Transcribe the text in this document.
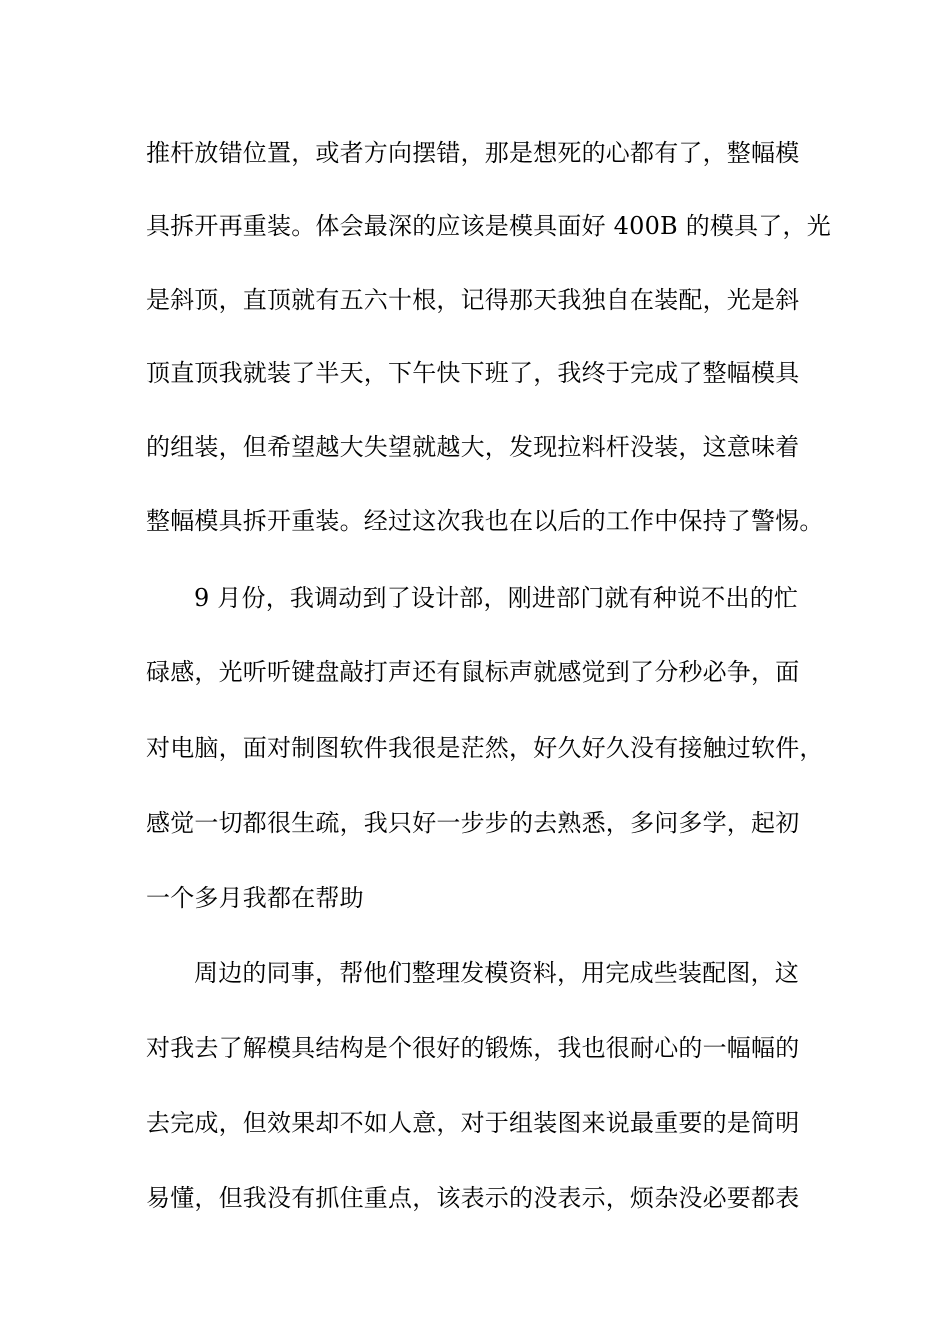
推杆放错位置，或者方向摆错，那是想死的心都有了，整幅模
具拆开再重装。体会最深的应该是模具面好 400B 的模具了，光
是斜顶，直顶就有五六十根，记得那天我独自在装配，光是斜
顶直顶我就装了半天，下午快下班了，我终于完成了整幅模具
的组装，但希望越大失望就越大，发现拉料杆没装，这意味着
整幅模具拆开重装。经过这次我也在以后的工作中保持了警惕。
9 月份，我调动到了设计部，刚进部门就有种说不出的忙
碌感，光听听键盘敲打声还有鼠标声就感觉到了分秒必争，面
对电脑，面对制图软件我很是茫然，好久好久没有接触过软件，
感觉一切都很生疏，我只好一步步的去熟悉，多问多学，起初
一个多月我都在帮助
周边的同事，帮他们整理发模资料，用完成些装配图，这
对我去了解模具结构是个很好的锻炼，我也很耐心的一幅幅的
去完成，但效果却不如人意，对于组装图来说最重要的是简明
易懂，但我没有抓住重点，该表示的没表示，烦杂没必要都表
